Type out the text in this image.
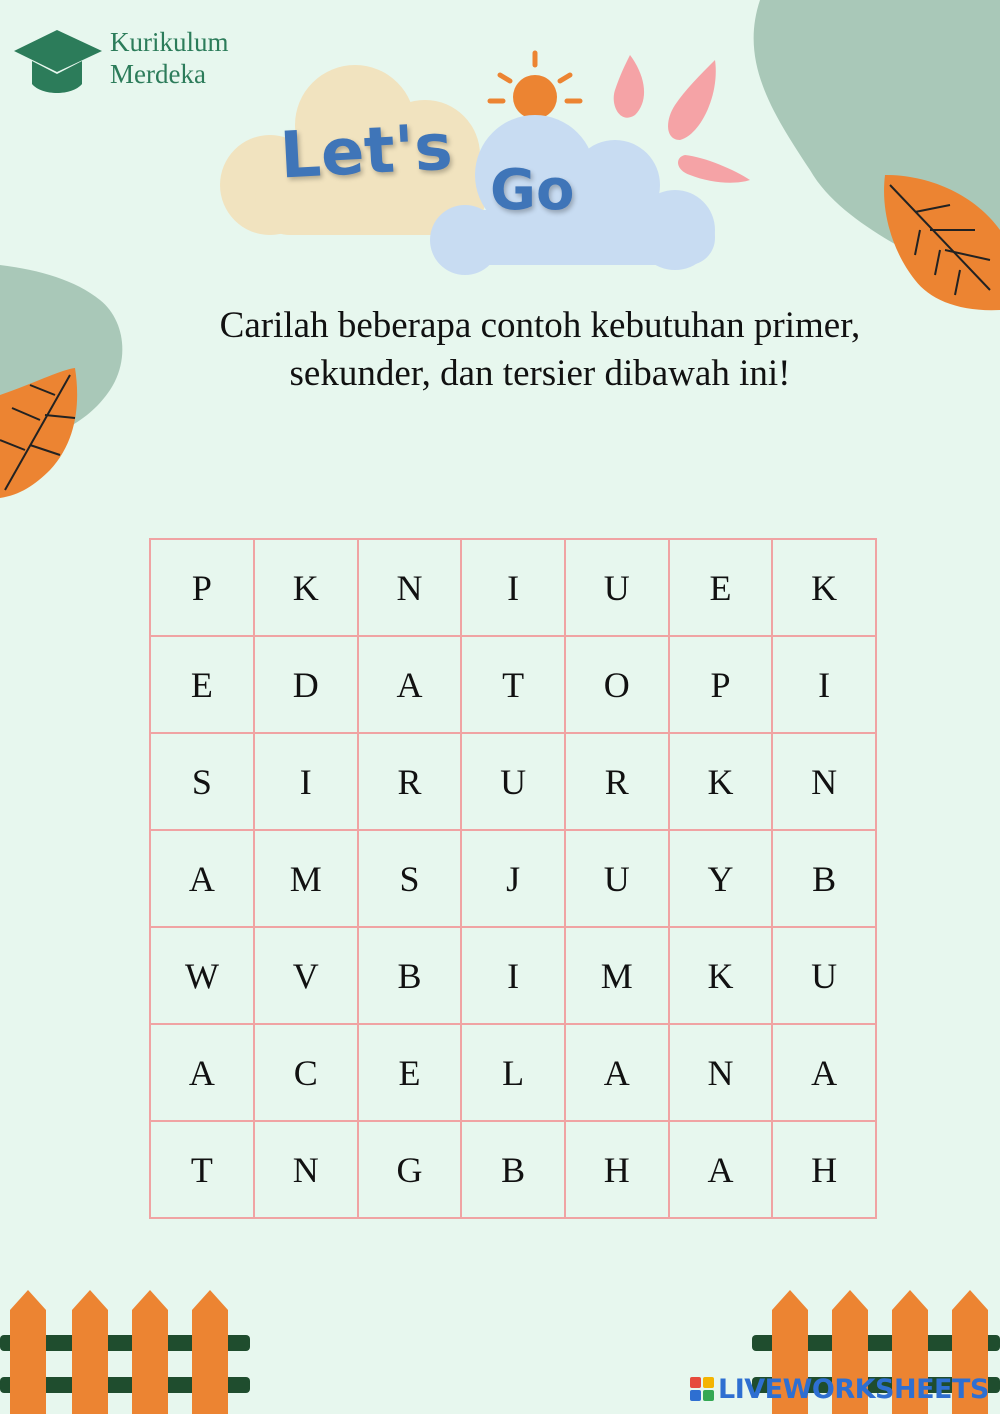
Kurikulum
Merdeka
Let's Go
Carilah beberapa contoh kebutuhan primer,
sekunder, dan tersier dibawah ini!
P	K	N	I	U	E	K
E	D	A	T	O	P	I
S	I	R	U	R	K	N
A	M	S	J	U	Y	B
W	V	B	I	M	K	U
A	C	E	L	A	N	A
T	N	G	B	H	A	H
LIVEWORKSHEETS
